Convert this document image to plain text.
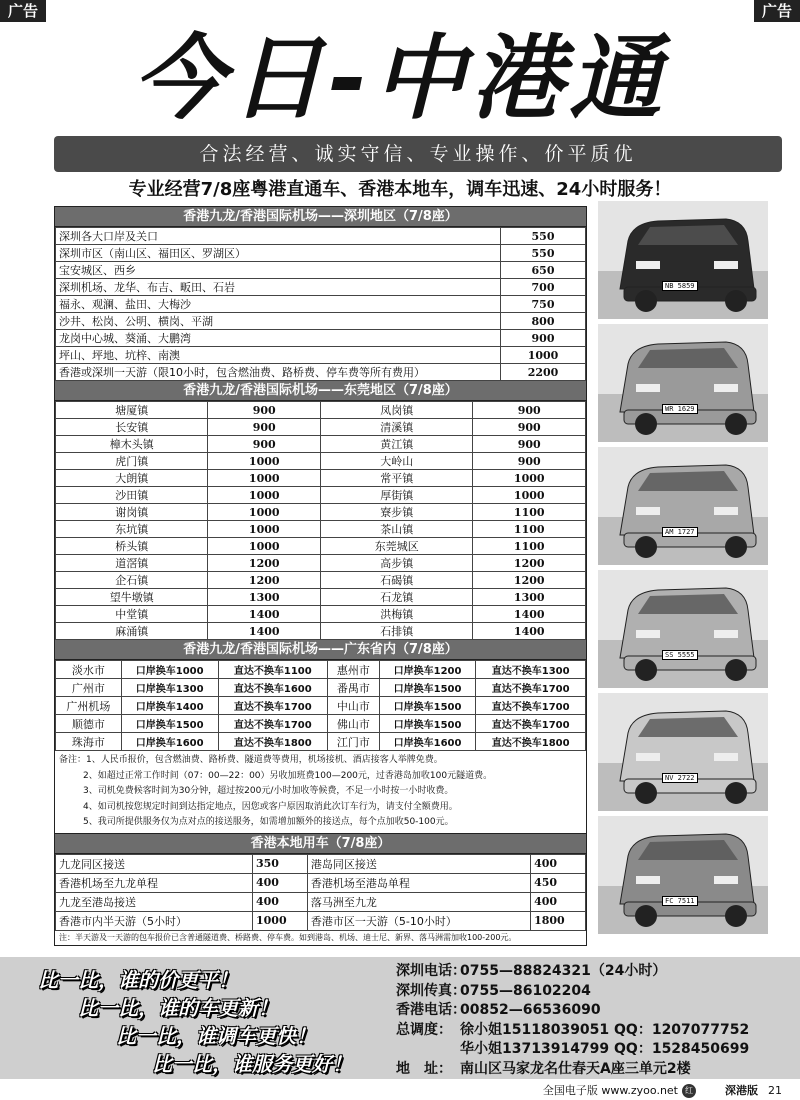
广告	广告
今日-中港通
合法经营、诚实守信、专业操作、价平质优
专业经营7/8座粤港直通车、香港本地车，调车迅速、24小时服务！
香港九龙/香港国际机场——深圳地区（7/8座）
深圳各大口岸及关口	550
深圳市区（南山区、福田区、罗湖区）	550
宝安城区、西乡	650
深圳机场、龙华、布吉、畈田、石岩	700
福永、观澜、盐田、大梅沙	750
沙井、松岗、公明、横岗、平湖	800
龙岗中心城、葵涌、大鹏湾	900
坪山、坪地、坑梓、南澳	1000
香港或深圳一天游（限10小时，包含燃油费、路桥费、停车费等所有费用）	2200
香港九龙/香港国际机场——东莞地区（7/8座）
塘厦镇	900	凤岗镇	900
长安镇	900	清溪镇	900
樟木头镇	900	黄江镇	900
虎门镇	1000	大岭山	900
大朗镇	1000	常平镇	1000
沙田镇	1000	厚街镇	1000
谢岗镇	1000	寮步镇	1100
东坑镇	1000	茶山镇	1100
桥头镇	1000	东莞城区	1100
道滘镇	1200	高步镇	1200
企石镇	1200	石碣镇	1200
望牛墩镇	1300	石龙镇	1300
中堂镇	1400	洪梅镇	1400
麻涌镇	1400	石排镇	1400
香港九龙/香港国际机场——广东省内（7/8座）
淡水市	口岸换车1000	直达不换车1100	惠州市	口岸换车1200	直达不换车1300
广州市	口岸换车1300	直达不换车1600	番禺市	口岸换车1500	直达不换车1700
广州机场	口岸换车1400	直达不换车1700	中山市	口岸换车1500	直达不换车1700
顺德市	口岸换车1500	直达不换车1700	佛山市	口岸换车1500	直达不换车1700
珠海市	口岸换车1600	直达不换车1800	江门市	口岸换车1600	直达不换车1800
备注：1、人民币报价，包含燃油费、路桥费、隧道费等费用，机场接机、酒店接客人举牌免费。
2、如超过正常工作时间（07：00—22：00）另收加班费100—200元，过香港岛加收100元隧道费。
3、司机免费候客时间为30分钟，超过按200元/小时加收等候费，不足一小时按一小时收费。
4、如司机按您规定时间到达指定地点，因您或客户原因取消此次订车行为，请支付全额费用。
5、我司所提供服务仅为点对点的接送服务，如需增加额外的接送点，每个点加收50-100元。
香港本地用车（7/8座）
九龙同区接送	350	港岛同区接送	400
香港机场至九龙单程	400	香港机场至港岛单程	450
九龙至港岛接送	400	落马洲至九龙	400
香港市内半天游（5小时）	1000	香港市区一天游（5-10小时）	1800
注：半天游及一天游的包车报价已含普通隧道费、桥路费、停车费。如到港岛、机场、迪士尼、新界、落马洲需加收100-200元。
NB 5859
WR 1629
AM 1727
SS 5555
NV 2722
FC 7511
比一比，谁的价更平！
比一比，谁的车更新！
比一比，谁调车更快！
比一比，谁服务更好！
深圳电话：
0755—88824321（24小时）
深圳传真：
0755—86102204
香港电话：
00852—66536090
总调度： 徐小姐15118039051 QQ：1207077752
华小姐13713914799 QQ：1528450699
地　址： 南山区马家龙名仕春天A座三单元2楼
全国电子版 www.zyoo.net 红	深港版 21
